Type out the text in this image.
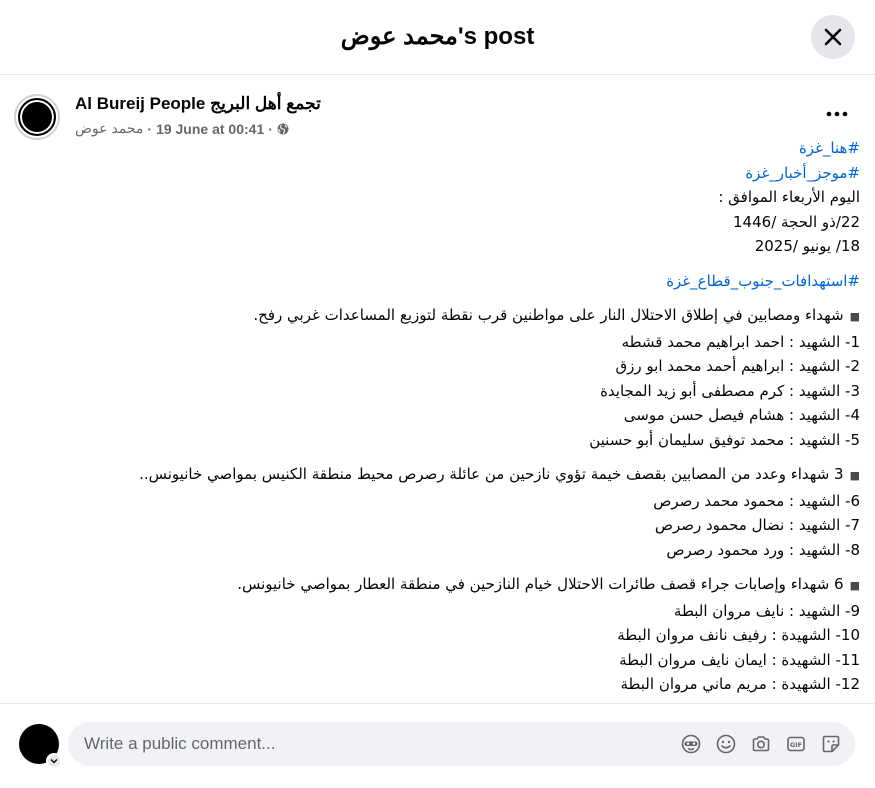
محمد عوض's post
Al Bureij People تجمع أهل البريج
محمد عوض · 19 June at 00:41 ·
#هنا_غزة
#موجز_أخبار_غزة
اليوم الأربعاء الموافق :
22/ذو الحجة /1446
18/ يونيو /2025
#استهدافات_جنوب_قطاع_غزة
■شهداء ومصابين في إطلاق الاحتلال النار على مواطنين قرب نقطة لتوزيع المساعدات غربي رفح.
1- الشهيد : احمد ابراهيم محمد قشطه
2- الشهيد : ابراهيم أحمد محمد ابو رزق
3- الشهيد : كرم مصطفى أبو زيد المجايدة
4- الشهيد : هشام فيصل حسن موسى
5- الشهيد : محمد توفيق سليمان أبو حسنين
■3 شهداء وعدد من المصابين بقصف خيمة تؤوي نازحين من عائلة رصرص محيط منطقة الكنيس بمواصي خانيونس..
6- الشهيد : محمود محمد رصرص
7- الشهيد : نضال محمود رصرص
8- الشهيد : ورد محمود رصرص
■6 شهداء وإصابات جراء قصف طائرات الاحتلال خيام النازحين في منطقة العطار بمواصي خانيونس.
9- الشهيد : نايف مروان البطة
10- الشهيدة : رفيف نانف مروان البطة
11- الشهيدة : ايمان نايف مروان البطة
12- الشهيدة : مريم ماني مروان البطة
Write a public comment...
GIF
